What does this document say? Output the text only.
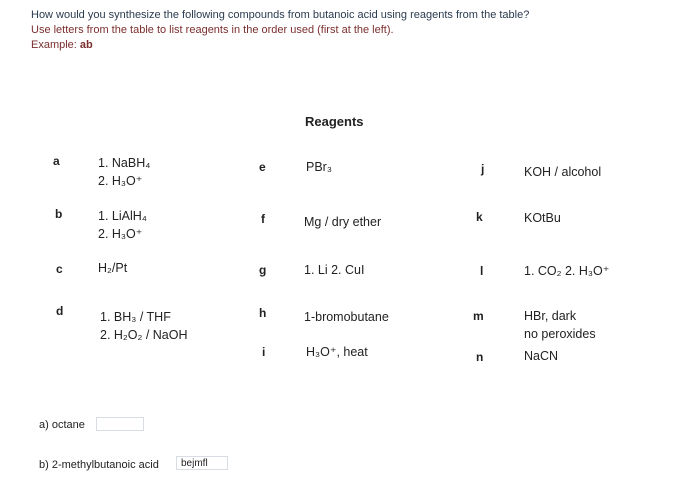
How would you synthesize the following compounds from butanoic acid using reagents from the table?
Use letters from the table to list reagents in the order used (first at the left).
Example: ab
Reagents
a	1. NaBH₄
2. H₃O⁺
b	1. LiAlH₄
2. H₃O⁺
c	H₂/Pt
d	1. BH₃ / THF
2. H₂O₂ / NaOH
e	PBr₃
f	Mg / dry ether
g	1. Li 2. CuI
h	1-bromobutane
i	H₃O⁺, heat
j	KOH / alcohol
k	KOtBu
l	1. CO₂ 2. H₃O⁺
m	HBr, dark
no peroxides
n	NaCN
a) octane
b) 2-methylbutanoic acid
bejmfl
